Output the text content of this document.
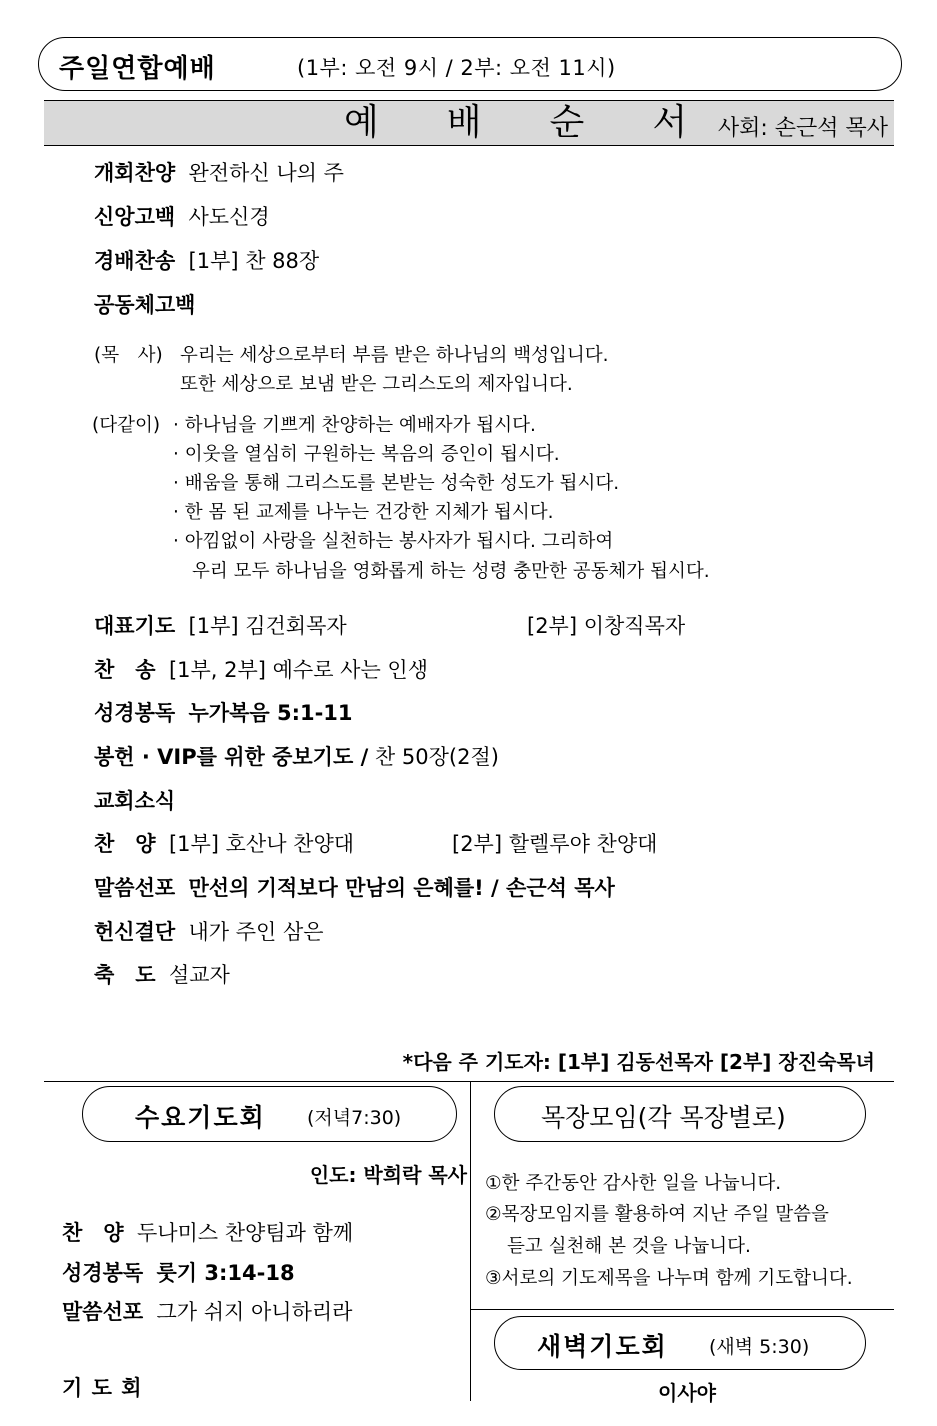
주일연합예배	(1부: 오전 9시 / 2부: 오전 11시)
예배순서
사회: 손근석 목사
개회찬양 완전하신 나의 주
신앙고백 사도신경
경배찬송 [1부] 찬 88장
공동체고백
(목　사) 우리는 세상으로부터 부름 받은 하나님의 백성입니다.
또한 세상으로 보냄 받은 그리스도의 제자입니다.
(다같이) · 하나님을 기쁘게 찬양하는 예배자가 됩시다.
· 이웃을 열심히 구원하는 복음의 증인이 됩시다.
· 배움을 통해 그리스도를 본받는 성숙한 성도가 됩시다.
· 한 몸 된 교제를 나누는 건강한 지체가 됩시다.
· 아낌없이 사랑을 실천하는 봉사자가 됩시다. 그리하여
우리 모두 하나님을 영화롭게 하는 성령 충만한 공동체가 됩시다.
대표기도 [1부] 김건회목자	[2부] 이창직목자
찬　송 [1부, 2부] 예수로 사는 인생
성경봉독 누가복음 5:1-11
봉헌 · VIP를 위한 중보기도 / 찬 50장(2절)
교회소식
찬　양 [1부] 호산나 찬양대	[2부] 할렐루야 찬양대
말씀선포 만선의 기적보다 만남의 은혜를! / 손근석 목사
헌신결단 내가 주인 삼은
축　도 설교자
*다음 주 기도자: [1부] 김동선목자 [2부] 장진숙목녀
수요기도회 (저녁7:30)
인도: 박희락 목사
찬　양 두나미스 찬양팀과 함께
성경봉독 룻기 3:14-18
말씀선포 그가 쉬지 아니하리라
기 도 회
목장모임(각 목장별로)
①한 주간동안 감사한 일을 나눕니다.
②목장모임지를 활용하여 지난 주일 말씀을
듣고 실천해 본 것을 나눕니다.
③서로의 기도제목을 나누며 함께 기도합니다.
새벽기도회 (새벽 5:30)
이사야
